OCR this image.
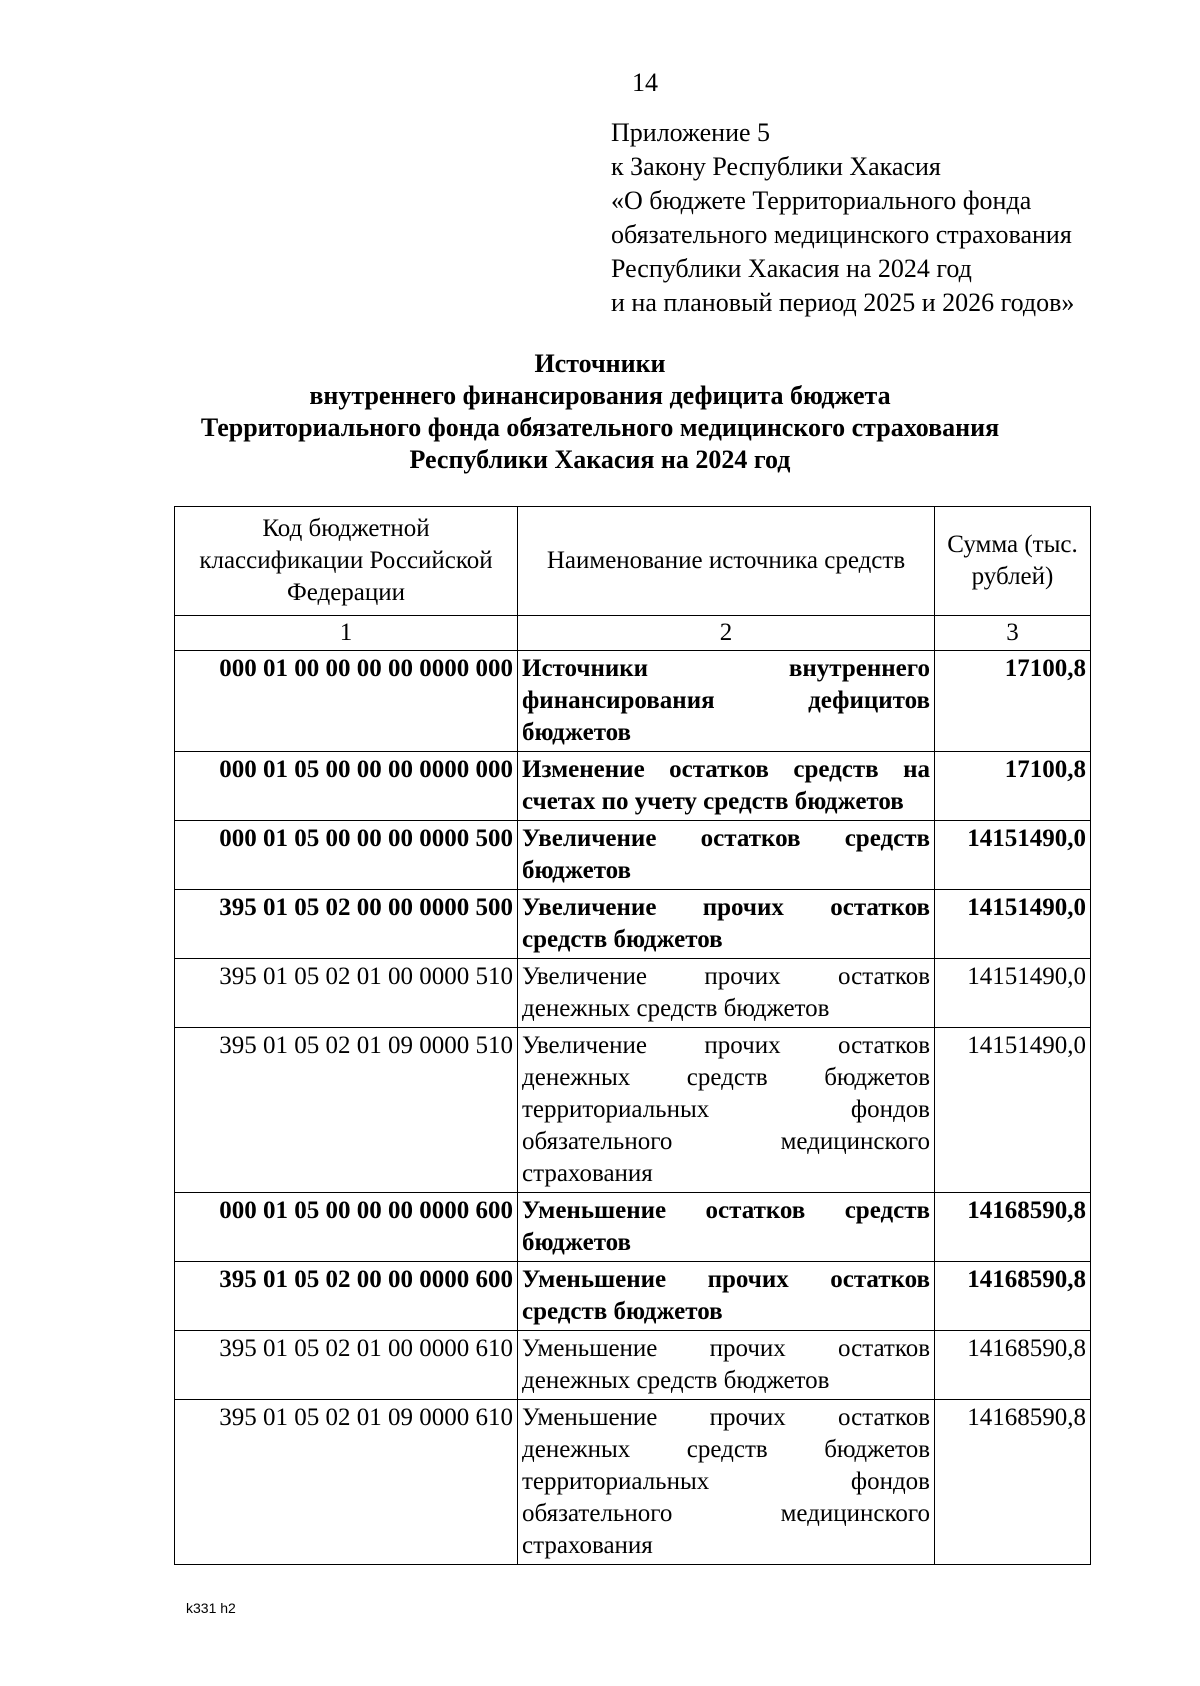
14
Приложение 5
к Закону Республики Хакасия
«О бюджете Территориального фонда
обязательного медицинского страхования
Республики Хакасия на 2024 год
и на плановый период 2025 и 2026 годов»
Источники
внутреннего финансирования дефицита бюджета
Территориального фонда обязательного медицинского страхования
Республики Хакасия на 2024 год
Код бюджетной классификации Российской Федерации	Наименование источника средств	Сумма (тыс. рублей)
1	2	3
000 01 00 00 00 00 0000 000	Источники внутреннего финансирования дефицитов бюджетов	17100,8
000 01 05 00 00 00 0000 000	Изменение остатков средств на счетах по учету средств бюджетов	17100,8
000 01 05 00 00 00 0000 500	Увеличение остатков средств бюджетов	14151490,0
395 01 05 02 00 00 0000 500	Увеличение прочих остатков средств бюджетов	14151490,0
395 01 05 02 01 00 0000 510	Увеличение прочих остатков денежных средств бюджетов	14151490,0
395 01 05 02 01 09 0000 510	Увеличение прочих остатков денежных средств бюджетов территориальных фондов обязательного медицинского страхования	14151490,0
000 01 05 00 00 00 0000 600	Уменьшение остатков средств бюджетов	14168590,8
395 01 05 02 00 00 0000 600	Уменьшение прочих остатков средств бюджетов	14168590,8
395 01 05 02 01 00 0000 610	Уменьшение прочих остатков денежных средств бюджетов	14168590,8
395 01 05 02 01 09 0000 610	Уменьшение прочих остатков денежных средств бюджетов территориальных фондов обязательного медицинского страхования	14168590,8
k331 h2
